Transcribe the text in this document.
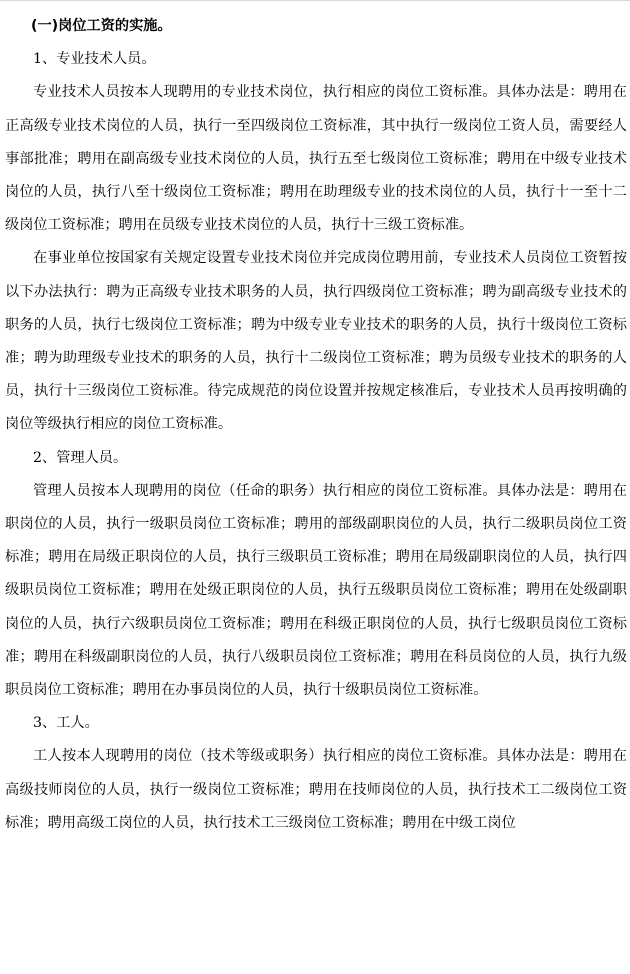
(一)岗位工资的实施。

1、专业技术人员。

专业技术人员按本人现聘用的专业技术岗位，执行相应的岗位工资标准。具体办法是：聘用在正高级专业技术岗位的人员，执行一至四级岗位工资标准，其中执行一级岗位工资人员，需要经人事部批准；聘用在副高级专业技术岗位的人员，执行五至七级岗位工资标准；聘用在中级专业技术岗位的人员，执行八至十级岗位工资标准；聘用在助理级专业的技术岗位的人员，执行十一至十二级岗位工资标准；聘用在员级专业技术岗位的人员，执行十三级工资标准。

在事业单位按国家有关规定设置专业技术岗位并完成岗位聘用前，专业技术人员岗位工资暂按以下办法执行：聘为正高级专业技术职务的人员，执行四级岗位工资标准；聘为副高级专业技术的职务的人员，执行七级岗位工资标准；聘为中级专业专业技术的职务的人员，执行十级岗位工资标准；聘为助理级专业技术的职务的人员，执行十二级岗位工资标准；聘为员级专业技术的职务的人员，执行十三级岗位工资标准。待完成规范的岗位设置并按规定核准后，专业技术人员再按明确的岗位等级执行相应的岗位工资标准。

2、管理人员。

管理人员按本人现聘用的岗位（任命的职务）执行相应的岗位工资标准。具体办法是：聘用在职岗位的人员，执行一级职员岗位工资标准；聘用的部级副职岗位的人员，执行二级职员岗位工资标准；聘用在局级正职岗位的人员，执行三级职员工资标准；聘用在局级副职岗位的人员，执行四级职员岗位工资标准；聘用在处级正职岗位的人员，执行五级职员岗位工资标准；聘用在处级副职岗位的人员，执行六级职员岗位工资标准；聘用在科级正职岗位的人员，执行七级职员岗位工资标准；聘用在科级副职岗位的人员，执行八级职员岗位工资标准；聘用在科员岗位的人员，执行九级职员岗位工资标准；聘用在办事员岗位的人员，执行十级职员岗位工资标准。

3、工人。

工人按本人现聘用的岗位（技术等级或职务）执行相应的岗位工资标准。具体办法是：聘用在高级技师岗位的人员，执行一级岗位工资标准；聘用在技师岗位的人员，执行技术工二级岗位工资标准；聘用高级工岗位的人员，执行技术工三级岗位工资标准；聘用在中级工岗位
